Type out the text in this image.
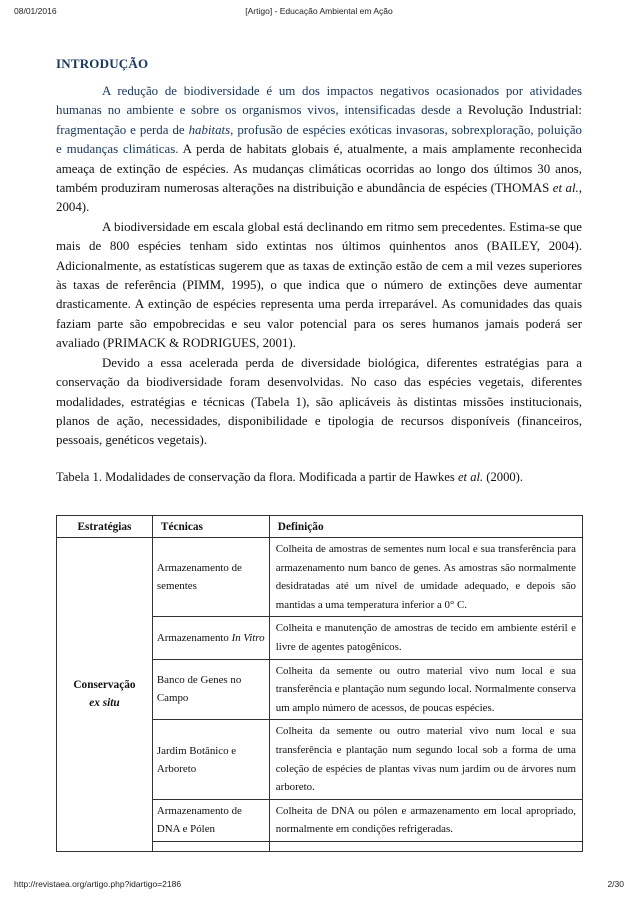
08/01/2016	[Artigo] - Educação Ambiental em Ação
INTRODUÇÃO

A redução de biodiversidade é um dos impactos negativos ocasionados por atividades humanas no ambiente e sobre os organismos vivos, intensificadas desde a Revolução Industrial: fragmentação e perda de habitats, profusão de espécies exóticas invasoras, sobrexploração, poluição e mudanças climáticas. A perda de habitats globais é, atualmente, a mais amplamente reconhecida ameaça de extinção de espécies. As mudanças climáticas ocorridas ao longo dos últimos 30 anos, também produziram numerosas alterações na distribuição e abundância de espécies (THOMAS et al., 2004).

A biodiversidade em escala global está declinando em ritmo sem precedentes. Estima-se que mais de 800 espécies tenham sido extintas nos últimos quinhentos anos (BAILEY, 2004). Adicionalmente, as estatísticas sugerem que as taxas de extinção estão de cem a mil vezes superiores às taxas de referência (PIMM, 1995), o que indica que o número de extinções deve aumentar drasticamente. A extinção de espécies representa uma perda irreparável. As comunidades das quais faziam parte são empobrecidas e seu valor potencial para os seres humanos jamais poderá ser avaliado (PRIMACK & RODRIGUES, 2001).

Devido a essa acelerada perda de diversidade biológica, diferentes estratégias para a conservação da biodiversidade foram desenvolvidas. No caso das espécies vegetais, diferentes modalidades, estratégias e técnicas (Tabela 1), são aplicáveis às distintas missões institucionais, planos de ação, necessidades, disponibilidade e tipologia de recursos disponíveis (financeiros, pessoais, genéticos vegetais).

Tabela 1. Modalidades de conservação da flora. Modificada a partir de Hawkes et al. (2000).

Estratégias	Técnicas	Definição

Conservação
ex situ	Armazenamento de sementes	Colheita de amostras de sementes num local e sua transferência para armazenamento num banco de genes. As amostras são normalmente desidratadas até um nível de umidade adequado, e depois são mantidas a uma temperatura inferior a 0° C.
	Armazenamento In Vitro	Colheita e manutenção de amostras de tecido em ambiente estéril e livre de agentes patogênicos.
	Banco de Genes no Campo	Colheita da semente ou outro material vivo num local e sua transferência e plantação num segundo local. Normalmente conserva um amplo número de acessos, de poucas espécies.
	Jardim Botânico e Arboreto	Colheita da semente ou outro material vivo num local e sua transferência e plantação num segundo local sob a forma de uma coleção de espécies de plantas vivas num jardim ou de árvores num arboreto.
	Armazenamento de DNA e Pólen	Colheita de DNA ou pólen e armazenamento em local apropriado, normalmente em condições refrigeradas.

http://revistaea.org/artigo.php?idartigo=2186	2/30
